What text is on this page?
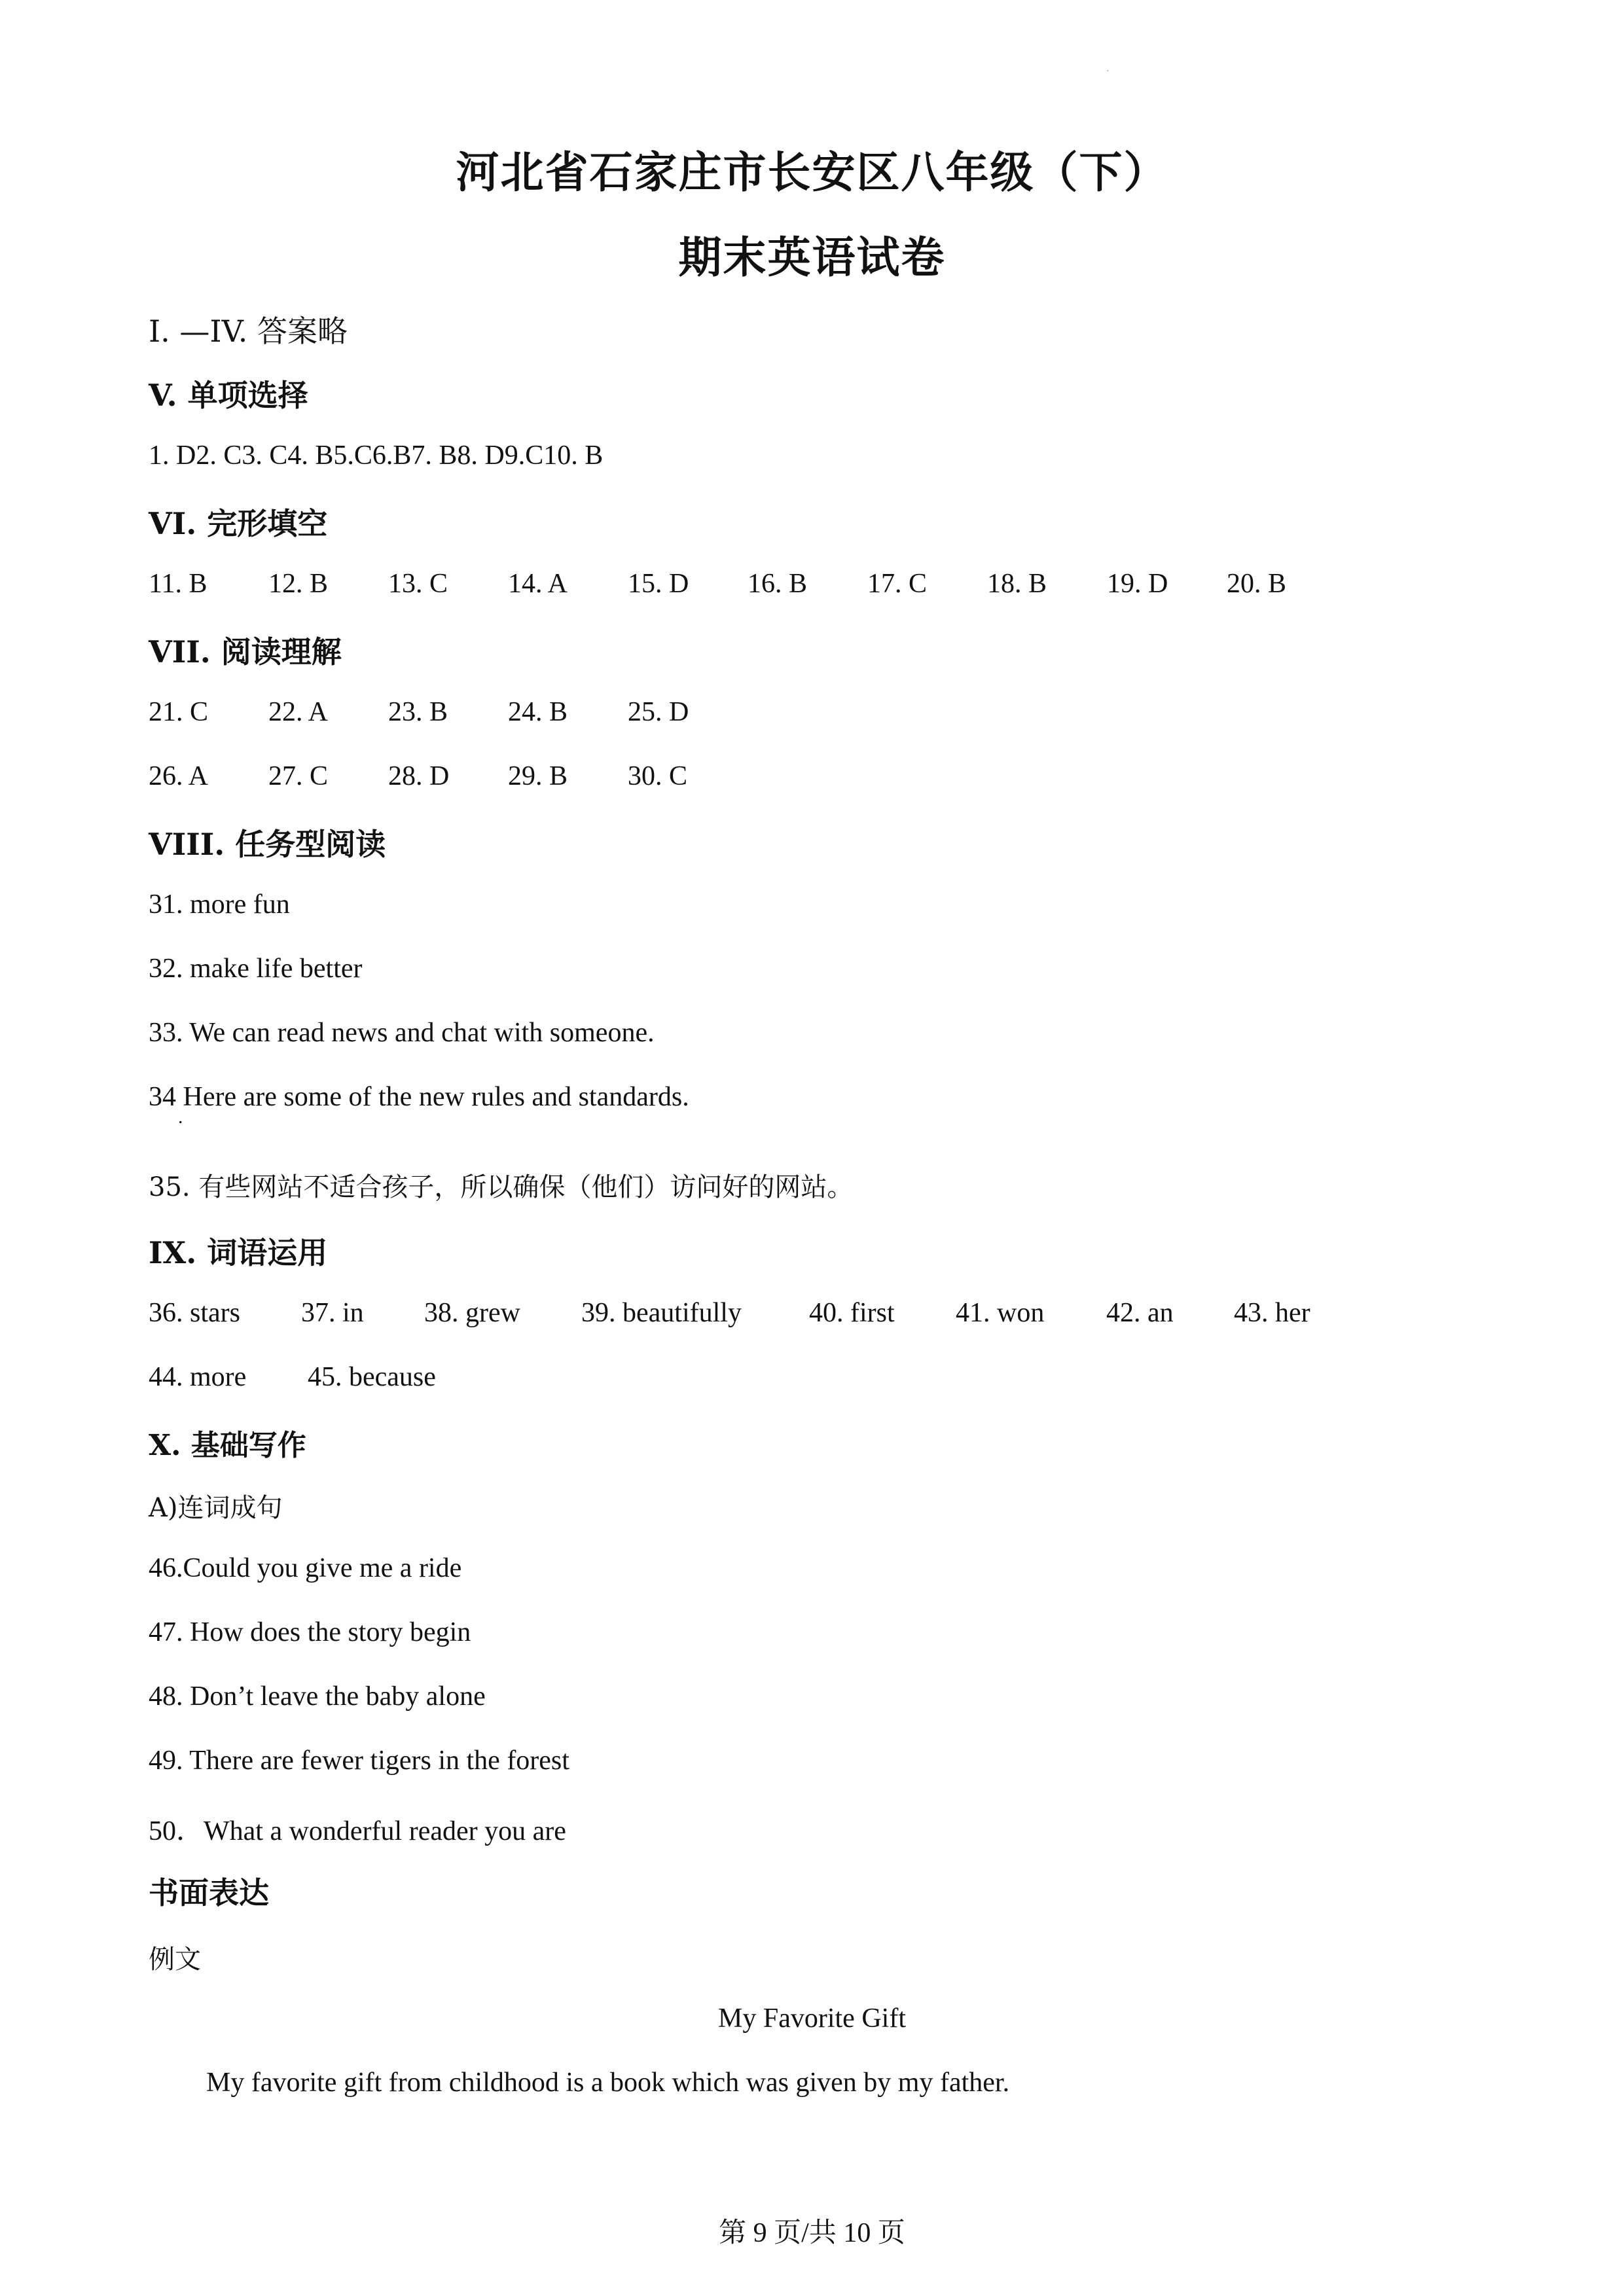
.
河北省石家庄市长安区八年级（下）
期末英语试卷
I. —IV. 答案略
V. 单项选择
1. D2. C3. C4. B5.C6.B7. B8. D9.C10. B
VI. 完形填空
11. B 12. B 13. C 14. A 15. D 16. B 17. C 18. B 19. D 20. B
VII. 阅读理解
21. C 22. A 23. B 24. B 25. D
26. A 27. C 28. D 29. B 30. C
VIII. 任务型阅读
31. more fun
32. make life better
33. We can read news and chat with someone.
34 Here are some of the new rules and standards.
.
35. 有些网站不适合孩子，所以确保（他们）访问好的网站。
IX. 词语运用
36. stars 37. in 38. grew 39. beautifully 40. first 41. won 42. an 43. her
44. more 45. because
X. 基础写作
A)连词成句
46.Could you give me a ride
47. How does the story begin
48. Don’t leave the baby alone
49. There are fewer tigers in the forest
50．What a wonderful reader you are
书面表达
例文
My Favorite Gift
My favorite gift from childhood is a book which was given by my father.
第 9 页/共 10 页
